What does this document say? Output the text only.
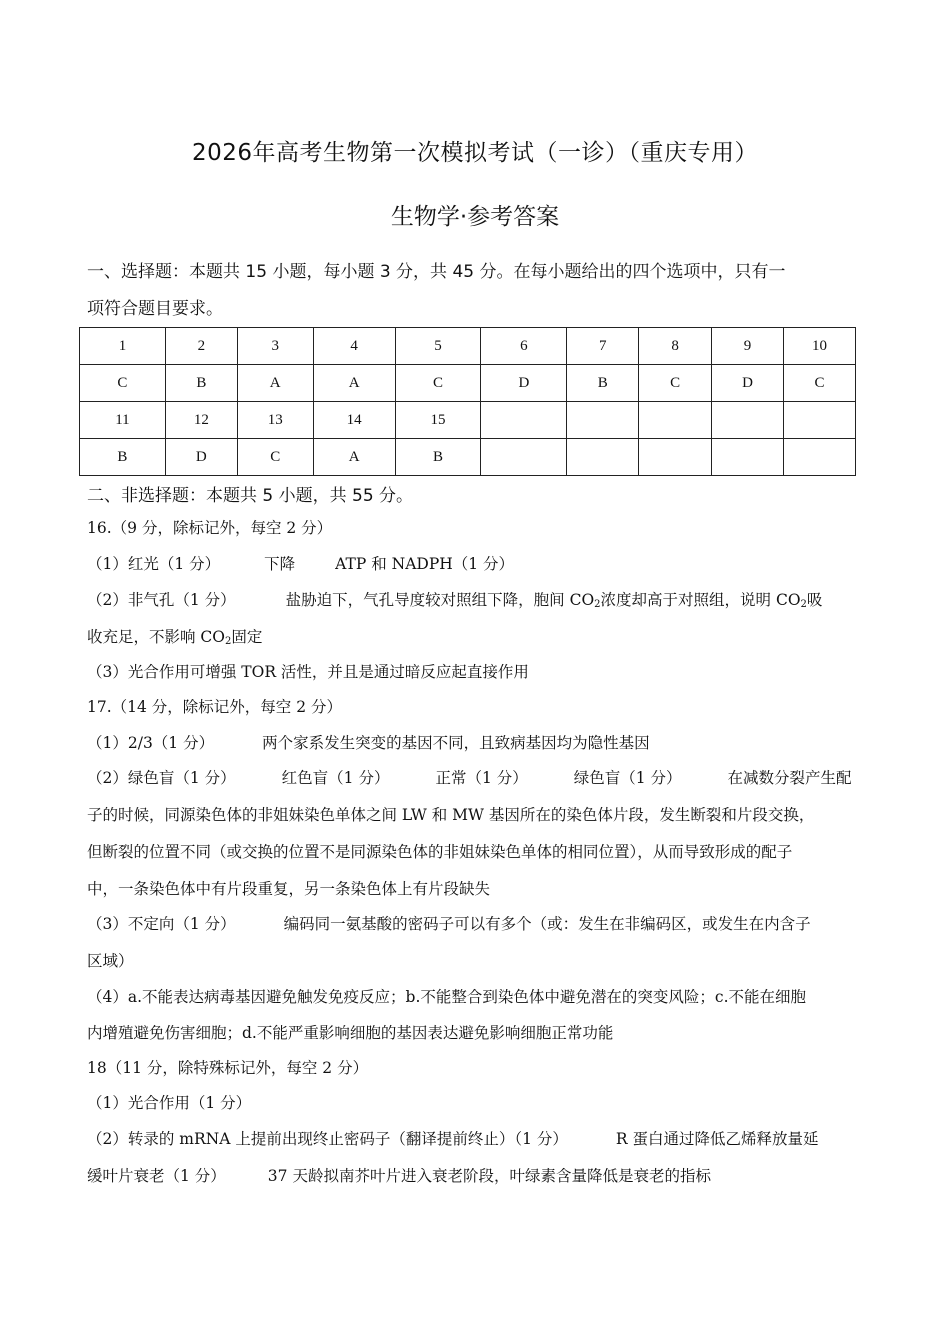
2026年高考生物第一次模拟考试（一诊）（重庆专用）
生物学·参考答案
一、选择题：本题共 15 小题，每小题 3 分，共 45 分。在每小题给出的四个选项中，只有一
项符合题目要求。
1	2	3	4	5	6	7	8	9	10
C	B	A	A	C	D	B	C	D	C
11	12	13	14	15					
B	D	C	A	B					
二、非选择题：本题共 5 小题，共 55 分。
16.（9 分，除标记外，每空 2 分）
（1）红光（1 分）	下降	ATP 和 NADPH（1 分）
（2）非气孔（1 分）	盐胁迫下，气孔导度较对照组下降，胞间 $CO_2$浓度却高于对照组，说明 $CO_2$吸
收充足，不影响 $CO_2$固定
（3）光合作用可增强 TOR 活性，并且是通过暗反应起直接作用
17.（14 分，除标记外，每空 2 分）
（1）2/3（1 分）	两个家系发生突变的基因不同，且致病基因均为隐性基因
（2）绿色盲（1 分）	红色盲（1 分）	正常（1 分）	绿色盲（1 分）	在减数分裂产生配
子的时候，同源染色体的非姐妹染色单体之间 LW 和 MW 基因所在的染色体片段，发生断裂和片段交换，
但断裂的位置不同（或交换的位置不是同源染色体的非姐妹染色单体的相同位置），从而导致形成的配子
中，一条染色体中有片段重复，另一条染色体上有片段缺失
（3）不定向（1 分）	编码同一氨基酸的密码子可以有多个（或：发生在非编码区，或发生在内含子
区域）
（4）a.不能表达病毒基因避免触发免疫反应；b.不能整合到染色体中避免潜在的突变风险；c.不能在细胞
内增殖避免伤害细胞；d.不能严重影响细胞的基因表达避免影响细胞正常功能
18（11 分，除特殊标记外，每空 2 分）
（1）光合作用（1 分）
（2）转录的 mRNA 上提前出现终止密码子（翻译提前终止）（1 分）	R 蛋白通过降低乙烯释放量延
缓叶片衰老（1 分）	37 天龄拟南芥叶片进入衰老阶段，叶绿素含量降低是衰老的指标
